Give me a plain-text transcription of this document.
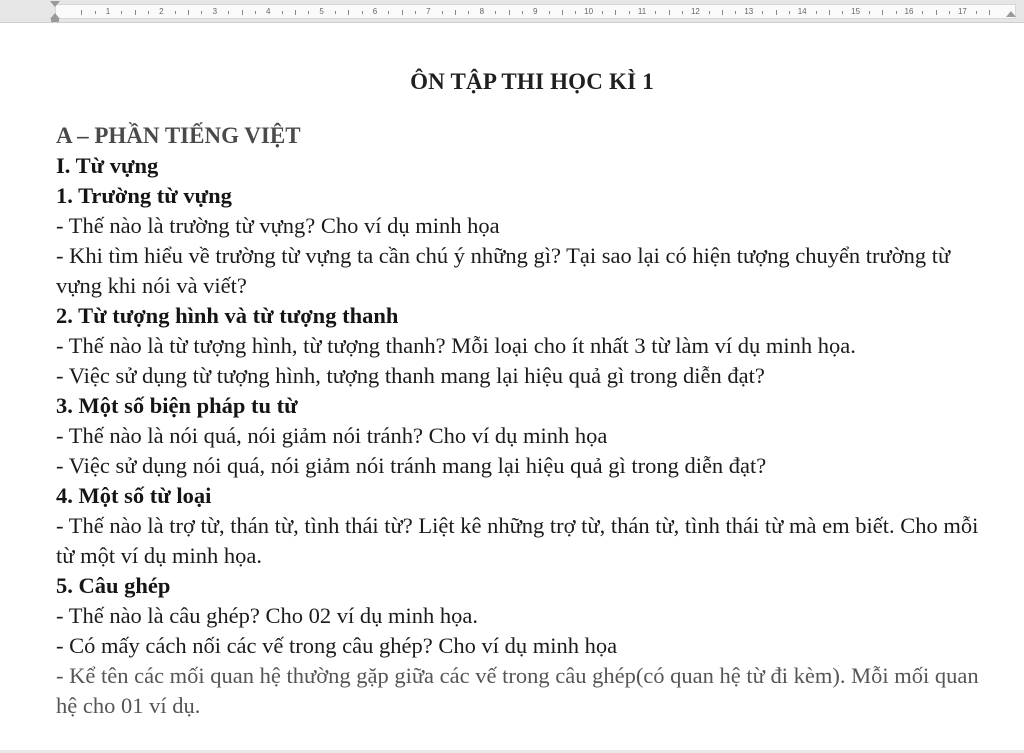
1	2	3	4	5	6	7	8	9	10	11	12	13	14	15	16	17
ÔN TẬP THI HỌC KÌ 1

A – PHẦN TIẾNG VIỆT

I. Từ vựng

1. Trường từ vựng

- Thế nào là trường từ vựng? Cho ví dụ minh họa

- Khi tìm hiểu về trường từ vựng ta cần chú ý những gì? Tại sao lại có hiện tượng chuyển trường từ vựng khi nói và viết?

2. Từ tượng hình và từ tượng thanh

- Thế nào là từ tượng hình, từ tượng thanh? Mỗi loại cho ít nhất 3 từ làm ví dụ minh họa.

- Việc sử dụng từ tượng hình, tượng thanh mang lại hiệu quả gì trong diễn đạt?

3. Một số biện pháp tu từ

- Thế nào là nói quá, nói giảm nói tránh? Cho ví dụ minh họa

- Việc sử dụng nói quá, nói giảm nói tránh mang lại hiệu quả gì trong diễn đạt?

4. Một số từ loại

- Thế nào là trợ từ, thán từ, tình thái từ? Liệt kê những trợ từ, thán từ, tình thái từ mà em biết. Cho mỗi từ một ví dụ minh họa.

5. Câu ghép

- Thế nào là câu ghép? Cho 02 ví dụ minh họa.

- Có mấy cách nối các vế trong câu ghép? Cho ví dụ minh họa

- Kể tên các mối quan hệ thường gặp giữa các vế trong câu ghép(có quan hệ từ đi kèm). Mỗi mối quan hệ cho 01 ví dụ.
